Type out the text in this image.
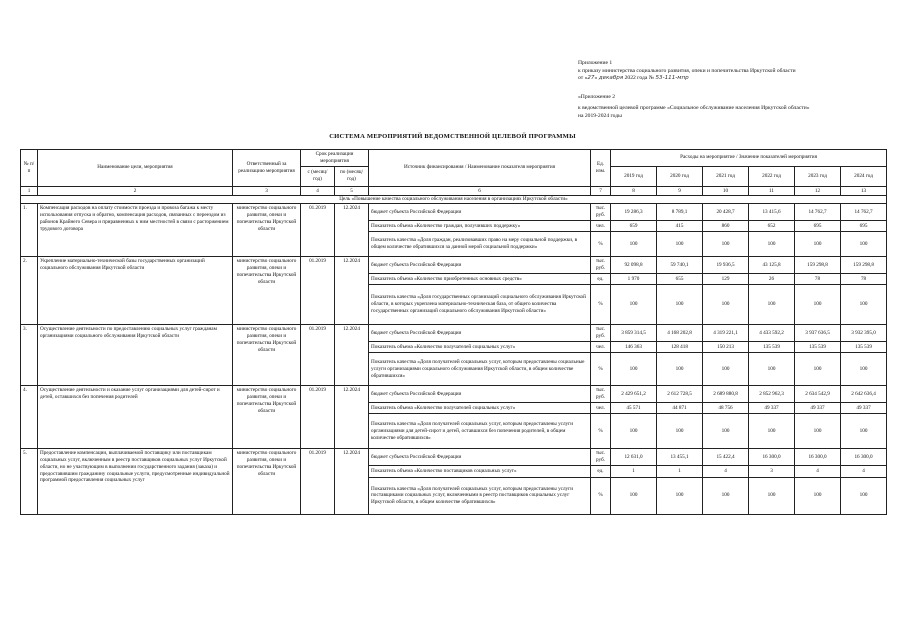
Приложение 1
к приказу министерства социального развития, опеки и попечительства Иркутской области
от «27» декабря 2022 года № 53-111-мпр
«Приложение 2
к ведомственной целевой программе «Социальное обслуживание населения Иркутской области»
на 2019-2024 годы
СИСТЕМА МЕРОПРИЯТИЙ ВЕДОМСТВЕННОЙ ЦЕЛЕВОЙ ПРОГРАММЫ
№ п/п	Наименование цели, мероприятия	Ответственный за реализацию мероприятия	Срок реализации мероприятия		Источник финансирования / Наименование показателя мероприятия	Ед. изм.	Расходы на мероприятие / Значение показателей мероприятия					
			с (месяц/ год)	по (месяц/ год)			2019 год	2020 год	2021 год	2022 год	2023 год	2024 год

1	2	3	4	5	6	7	8	9	10	11	12	13
Цель «Повышение качества социального обслуживания населения в организациях Иркутской области»												
1.	Компенсация расходов на оплату стоимости проезда и провоза багажа к месту использования отпуска и обратно, компенсация расходов, связанных с переездом из районов Крайнего Севера и приравненных к ним местностей в связи с расторжением трудового договора	министерство социального развития, опеки и попечительства Иркутской области	01.2019	12.2024	бюджет субъекта Российской Федерации	тыс. руб.	19 286,3	8 789,1	20 428,7	13 415,6	14 762,7	14 762,7
					Показатель объема «Количество граждан, получивших поддержку»	чел.	659	415	860	652	695	695
					Показатель качества «Доля граждан, реализовавших право на меру социальной поддержки, в общем количестве обратившихся за данной мерой социальной поддержки»	%	100	100	100	100	100	100
2.	Укрепление материально-технической базы государственных организаций социального обслуживания Иркутской области	министерство социального развития, опеки и попечительства Иркутской области	01.2019	12.2024	бюджет субъекта Российской Федерации	тыс. руб.	92 098,8	59 740,1	19 936,5	43 125,8	159 298,8	159 298,8
					Показатель объема «Количество приобретенных основных средств»	ед.	1 970	655	129	26	78	78
					Показатель качества «Доля государственных организаций социального обслуживания Иркутской области, в которых укреплена материально-техническая база, от общего количества государственных организаций социального обслуживания Иркутской области»	%	100	100	100	100	100	100
3.	Осуществление деятельности по предоставлению социальных услуг гражданам организациями социального обслуживания Иркутской области	министерство социального развития, опеки и попечительства Иркутской области	01.2019	12.2024	бюджет субъекта Российской Федерации	тыс. руб.	3 859 314,5	4 168 202,8	4 319 221,1	4 433 592,2	3 937 636,5	3 932 395,0
					Показатель объема «Количество получателей социальных услуг»	чел.	146 363	128 418	150 213	135 539	135 539	135 539
					Показатель качества «Доля получателей социальных услуг, которым предоставлены социальные услуги организациями социального обслуживания Иркутской области, в общем количестве обратившихся»	%	100	100	100	100	100	100
4.	Осуществление деятельности и оказание услуг организациями для детей-сирот и детей, оставшихся без попечения родителей	министерство социального развития, опеки и попечительства Иркутской области	01.2019	12.2024	бюджет субъекта Российской Федерации	тыс. руб.	2 429 651,2	2 612 728,5	2 689 880,8	2 852 962,3	2 634 542,9	2 642 636,4
					Показатель объема «Количество получателей социальных услуг»	чел.	45 571	44 871	48 756	49 337	49 337	49 337
					Показатель качества «Доля получателей социальных услуг, которым предоставлены услуги организациями для детей-сирот и детей, оставшихся без попечения родителей, в общем количестве обратившихся»	%	100	100	100	100	100	100
5.	Предоставление компенсации, выплачиваемой поставщику или поставщикам социальных услуг, включенным в реестр поставщиков социальных услуг Иркутской области, но не участвующим в выполнении государственного задания (заказа) и предоставившим гражданину социальные услуги, предусмотренные индивидуальной программой предоставления социальных услуг	министерство социального развития, опеки и попечительства Иркутской области	01.2019	12.2024	бюджет субъекта Российской Федерации	тыс. руб.	12 631,0	13 455,1	15 422,4	16 300,0	16 300,0	16 300,0
					Показатель объема «Количество поставщиков социальных услуг»	ед.	1	1	4	3	4	4
					Показатель качества «Доля получателей социальных услуг, которым предоставлены услуги поставщиками социальных услуг, включенными в реестр поставщиков социальных услуг Иркутской области, в общем количестве обратившихся»	%	100	100	100	100	100	100
